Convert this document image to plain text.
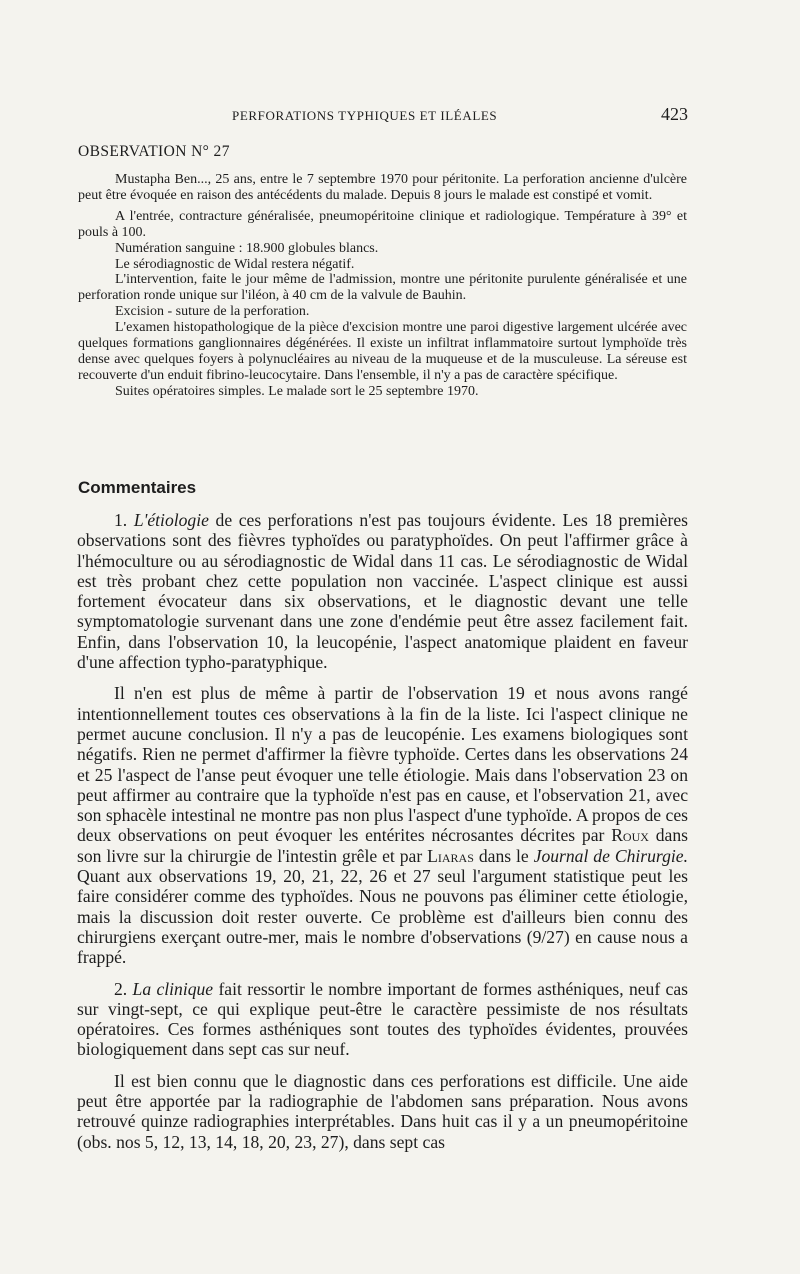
PERFORATIONS TYPHIQUES ET ILÉALES	423
OBSERVATION N° 27

Mustapha Ben..., 25 ans, entre le 7 septembre 1970 pour péritonite. La perforation ancienne d'ulcère peut être évoquée en raison des antécédents du malade. Depuis 8 jours le malade est constipé et vomit.

A l'entrée, contracture généralisée, pneumopéritoine clinique et radiologique. Température à 39° et pouls à 100.

Numération sanguine : 18.900 globules blancs.

Le sérodiagnostic de Widal restera négatif.

L'intervention, faite le jour même de l'admission, montre une péritonite purulente généralisée et une perforation ronde unique sur l'iléon, à 40 cm de la valvule de Bauhin.

Excision - suture de la perforation.

L'examen histopathologique de la pièce d'excision montre une paroi digestive largement ulcérée avec quelques formations ganglionnaires dégénérées. Il existe un infiltrat inflammatoire surtout lymphoïde très dense avec quelques foyers à polynucléaires au niveau de la muqueuse et de la musculeuse. La séreuse est recouverte d'un enduit fibrino-leucocytaire. Dans l'ensemble, il n'y a pas de caractère spécifique.

Suites opératoires simples. Le malade sort le 25 septembre 1970.

Commentaires

1. L'étiologie de ces perforations n'est pas toujours évidente. Les 18 premières observations sont des fièvres typhoïdes ou paratyphoïdes. On peut l'affirmer grâce à l'hémoculture ou au sérodiagnostic de Widal dans 11 cas. Le sérodiagnostic de Widal est très probant chez cette population non vaccinée. L'aspect clinique est aussi fortement évocateur dans six observations, et le diagnostic devant une telle symptomatologie survenant dans une zone d'endémie peut être assez facilement fait. Enfin, dans l'observation 10, la leucopénie, l'aspect anatomique plaident en faveur d'une affection typho-paratyphique.

Il n'en est plus de même à partir de l'observation 19 et nous avons rangé intentionnellement toutes ces observations à la fin de la liste. Ici l'aspect clinique ne permet aucune conclusion. Il n'y a pas de leucopénie. Les examens biologiques sont négatifs. Rien ne permet d'affirmer la fièvre typhoïde. Certes dans les observations 24 et 25 l'aspect de l'anse peut évoquer une telle étiologie. Mais dans l'observation 23 on peut affirmer au contraire que la typhoïde n'est pas en cause, et l'observation 21, avec son sphacèle intestinal ne montre pas non plus l'aspect d'une typhoïde. A propos de ces deux observations on peut évoquer les entérites nécrosantes décrites par Roux dans son livre sur la chirurgie de l'intestin grêle et par Liaras dans le Journal de Chirurgie. Quant aux observations 19, 20, 21, 22, 26 et 27 seul l'argument statistique peut les faire considérer comme des typhoïdes. Nous ne pouvons pas éliminer cette étiologie, mais la discussion doit rester ouverte. Ce problème est d'ailleurs bien connu des chirurgiens exerçant outre-mer, mais le nombre d'observations (9/27) en cause nous a frappé.

2. La clinique fait ressortir le nombre important de formes asthéniques, neuf cas sur vingt-sept, ce qui explique peut-être le caractère pessimiste de nos résultats opératoires. Ces formes asthéniques sont toutes des typhoïdes évidentes, prouvées biologiquement dans sept cas sur neuf.

Il est bien connu que le diagnostic dans ces perforations est difficile. Une aide peut être apportée par la radiographie de l'abdomen sans préparation. Nous avons retrouvé quinze radiographies interprétables. Dans huit cas il y a un pneumopéritoine (obs. nos 5, 12, 13, 14, 18, 20, 23, 27), dans sept cas
